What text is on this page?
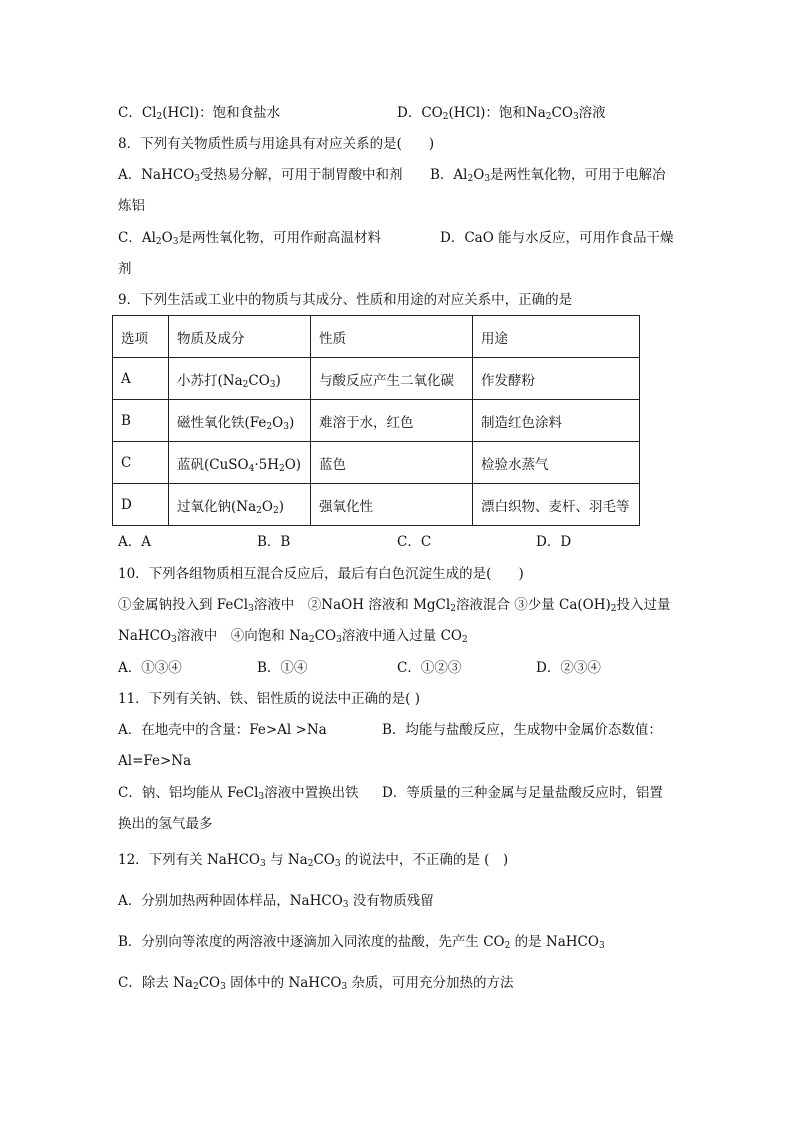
C．$Cl_2(HCl)$：饱和食盐水	D．$CO_2(HCl)$：饱和$Na_2CO_3$溶液
8．下列有关物质性质与用途具有对应关系的是(　　)
A．NaHCO$_3$受热易分解，可用于制胃酸中和剂 B．$Al_2O_3$是两性氧化物，可用于电解冶
炼铝
C．$Al_2O_3$是两性氧化物，可用作耐高温材料	D．CaO 能与水反应，可用作食品干燥
剂
9．下列生活或工业中的物质与其成分、性质和用途的对应关系中，正确的是
选项	物质及成分	性质	用途
A	小苏打$(Na_2CO_3)$	与酸反应产生二氧化碳	作发酵粉
B	磁性氧化铁$(Fe_2O_3)$	难溶于水，红色	制造红色涂料
C	蓝矾$(CuSO_4\cdot 5H_2O)$	蓝色	检验水蒸气
D	过氧化钠$(Na_2O_2)$	强氧化性	漂白织物、麦杆、羽毛等
A．A	B．B	C．C	D．D
10．下列各组物质相互混合反应后，最后有白色沉淀生成的是(　　)
①金属钠投入到 FeCl$_3$溶液中　②NaOH 溶液和 MgCl$_2$溶液混合 ③少量 $Ca(OH)_2$投入过量
NaHCO$_3$溶液中　④向饱和 $Na_2CO_3$溶液中通入过量 $CO_2$
A．①③④	B．①④	C．①②③	D．②③④
11．下列有关钠、铁、铝性质的说法中正确的是( )
A．在地壳中的含量：Fe>Al >Na	B．均能与盐酸反应，生成物中金属价态数值：
Al=Fe>Na
C．钠、铝均能从 FeCl$_3$溶液中置换出铁 D．等质量的三种金属与足量盐酸反应时，铝置
换出的氢气最多
12．下列有关 NaHCO$_3$ 与 $Na_2CO_3$ 的说法中，不正确的是 (　)
A．分别加热两种固体样品，NaHCO$_3$ 没有物质残留
B．分别向等浓度的两溶液中逐滴加入同浓度的盐酸，先产生 $CO_2$ 的是 NaHCO$_3$
C．除去 $Na_2CO_3$ 固体中的 NaHCO$_3$ 杂质，可用充分加热的方法
